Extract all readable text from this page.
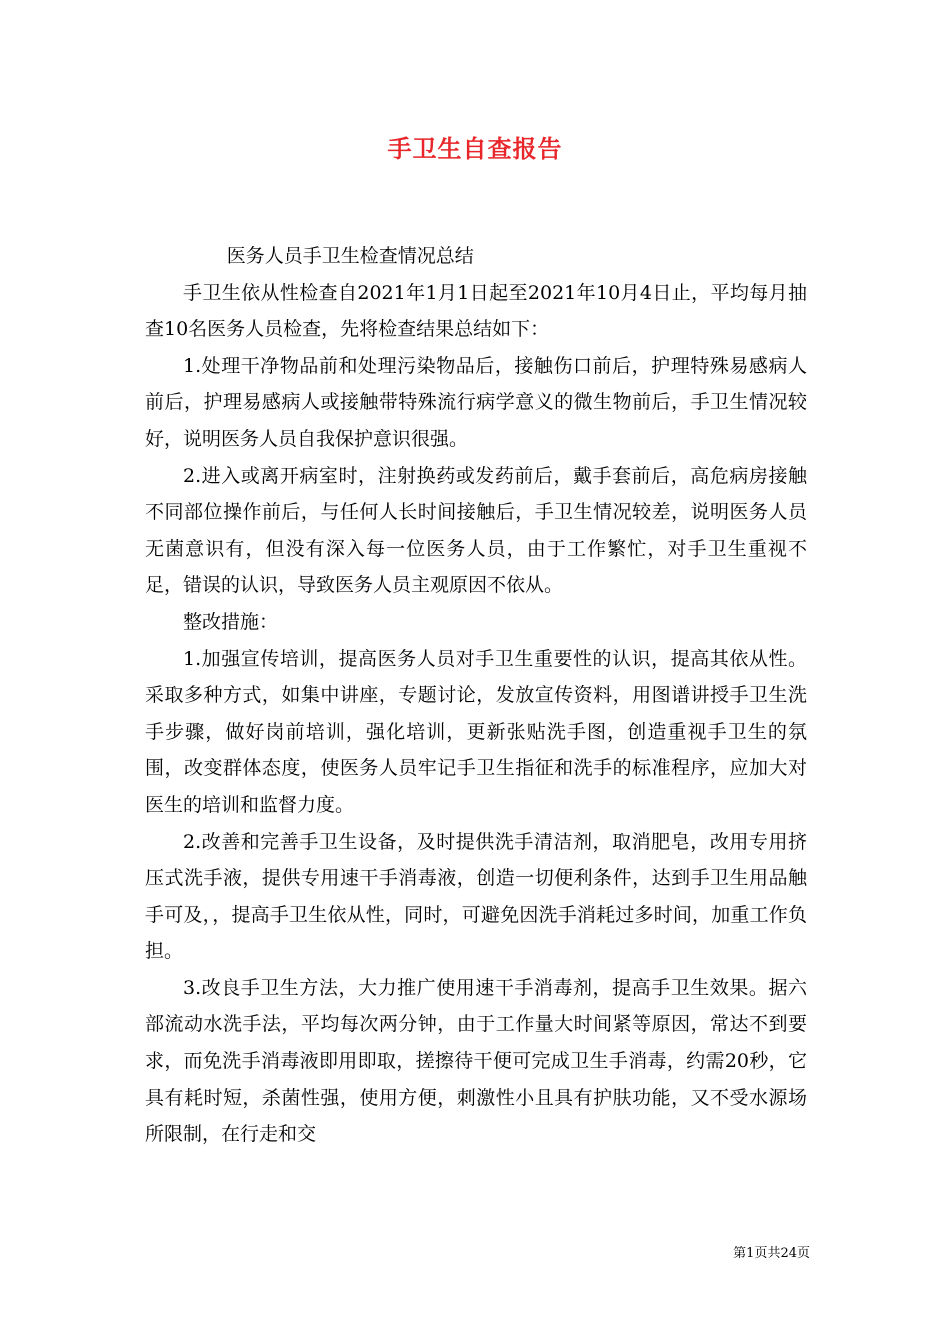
手卫生自查报告

医务人员手卫生检查情况总结

手卫生依从性检查自2021年1月1日起至2021年10月4日止，平均每月抽查10名医务人员检查，先将检查结果总结如下：

1.处理干净物品前和处理污染物品后，接触伤口前后，护理特殊易感病人前后，护理易感病人或接触带特殊流行病学意义的微生物前后，手卫生情况较好，说明医务人员自我保护意识很强。

2.进入或离开病室时，注射换药或发药前后，戴手套前后，高危病房接触不同部位操作前后，与任何人长时间接触后，手卫生情况较差，说明医务人员无菌意识有，但没有深入每一位医务人员，由于工作繁忙，对手卫生重视不足，错误的认识，导致医务人员主观原因不依从。

整改措施：

1.加强宣传培训，提高医务人员对手卫生重要性的认识，提高其依从性。采取多种方式，如集中讲座，专题讨论，发放宣传资料，用图谱讲授手卫生洗手步骤，做好岗前培训，强化培训，更新张贴洗手图，创造重视手卫生的氛围，改变群体态度，使医务人员牢记手卫生指征和洗手的标准程序，应加大对医生的培训和监督力度。

2.改善和完善手卫生设备，及时提供洗手清洁剂，取消肥皂，改用专用挤压式洗手液，提供专用速干手消毒液，创造一切便利条件，达到手卫生用品触手可及，，提高手卫生依从性，同时，可避免因洗手消耗过多时间，加重工作负担。

3.改良手卫生方法，大力推广使用速干手消毒剂，提高手卫生效果。据六部流动水洗手法，平均每次两分钟，由于工作量大时间紧等原因，常达不到要求，而免洗手消毒液即用即取，搓擦待干便可完成卫生手消毒，约需20秒，它具有耗时短，杀菌性强，使用方便，刺激性小且具有护肤功能，又不受水源场所限制，在行走和交

第1页共24页
